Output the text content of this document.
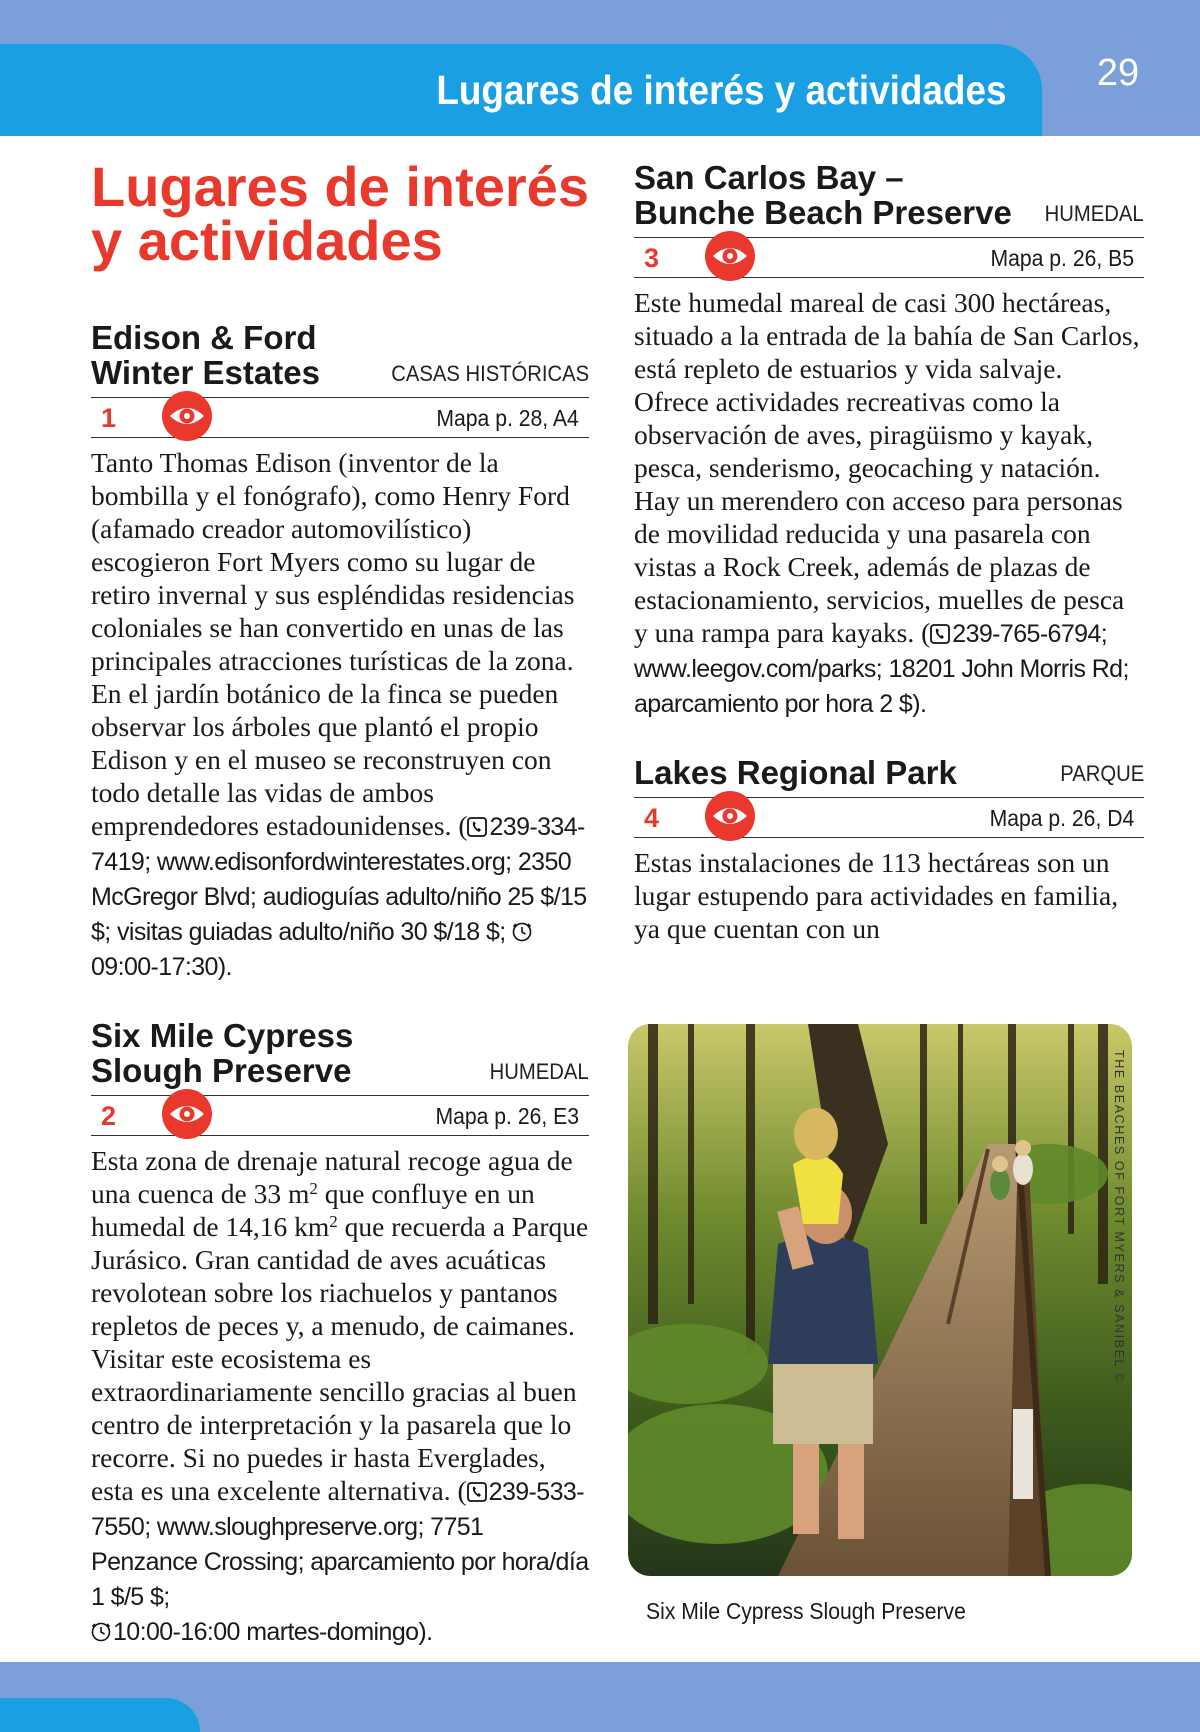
Lugares de interés y actividades 29
Lugares de interés y actividades
Edison & Ford Winter Estates	CASAS HISTÓRICAS
1	Mapa p. 28, A4

Tanto Thomas Edison (inventor de la bombilla y el fonógrafo), como Henry Ford (afamado creador automovilístico) escogieron Fort Myers como su lugar de retiro invernal y sus espléndidas residencias coloniales se han convertido en unas de las principales atracciones turísticas de la zona. En el jardín botánico de la finca se pueden observar los árboles que plantó el propio Edison y en el museo se reconstruyen con todo detalle las vidas de ambos emprendedores estadounidenses. ( 239-334-7419; www.edisonfordwinterestates.org; 2350 McGregor Blvd; audioguías adulto/niño 25 $/15 $; visitas guiadas adulto/niño 30 $/18 $; 09:00-17:30).

Six Mile Cypress Slough Preserve	HUMEDAL
2	Mapa p. 26, E3

Esta zona de drenaje natural recoge agua de una cuenca de 33 $m^2$ que confluye en un humedal de 14,16 $km^2$ que recuerda a Parque Jurásico. Gran cantidad de aves acuáticas revolotean sobre los riachuelos y pantanos repletos de peces y, a menudo, de caimanes. Visitar este ecosistema es extraordinariamente sencillo gracias al buen centro de interpretación y la pasarela que lo recorre. Si no puedes ir hasta Everglades, esta es una excelente alternativa. ( 239-533-7550; www.sloughpreserve.org; 7751 Penzance Crossing; aparcamiento por hora/día 1 $/5 $;
10:00-16:00 martes-domingo).

San Carlos Bay – Bunche Beach Preserve HUMEDAL
3	Mapa p. 26, B5

Este humedal mareal de casi 300 hectáreas, situado a la entrada de la bahía de San Carlos, está repleto de estuarios y vida salvaje. Ofrece actividades recreativas como la observación de aves, piragüismo y kayak, pesca, senderismo, geocaching y natación. Hay un merendero con acceso para personas de movilidad reducida y una pasarela con vistas a Rock Creek, además de plazas de estacionamiento, servicios, muelles de pesca y una rampa para kayaks. ( 239-765-6794; www.leegov.com/parks; 18201 John Morris Rd; aparcamiento por hora 2 $).

Lakes Regional Park	PARQUE
4	Mapa p. 26, D4

Estas instalaciones de 113 hectáreas son un lugar estupendo para actividades en familia, ya que cuentan con un

Six Mile Cypress Slough Preserve
THE BEACHES OF FORT MYERS & SANIBEL ©
